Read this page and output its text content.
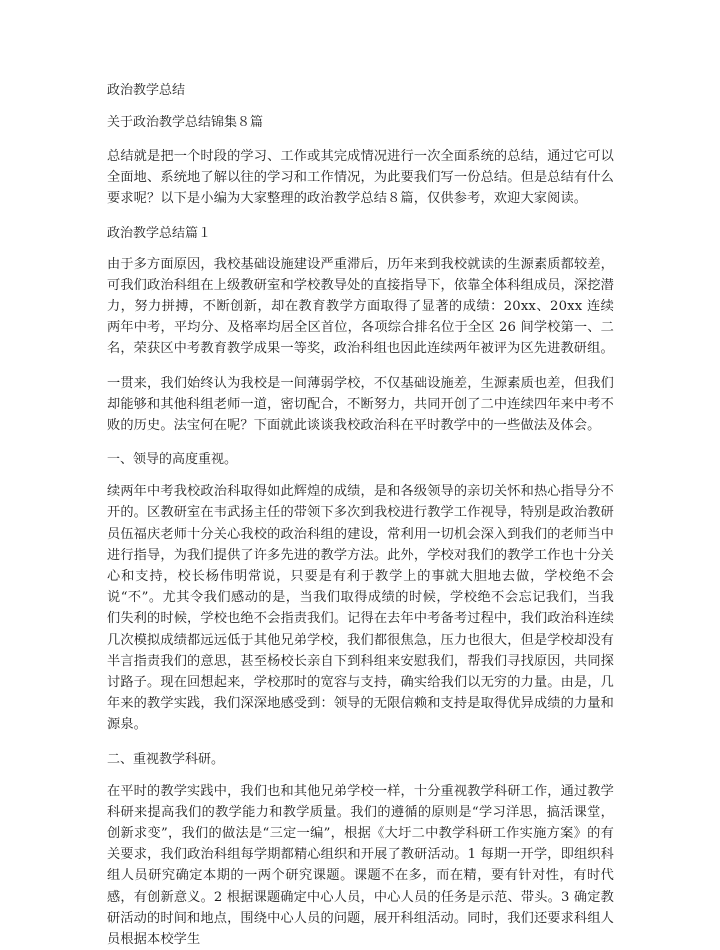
政治教学总结

关于政治教学总结锦集８篇

总结就是把一个时段的学习、工作或其完成情况进行一次全面系统的总结，通过它可以全面地、系统地了解以往的学习和工作情况，为此要我们写一份总结。但是总结有什么要求呢？以下是小编为大家整理的政治教学总结８篇，仅供参考，欢迎大家阅读。

政治教学总结篇１

由于多方面原因，我校基础设施建设严重滞后，历年来到我校就读的生源素质都较差，可我们政治科组在上级教研室和学校教导处的直接指导下，依靠全体科组成员，深挖潜力，努力拼搏，不断创新，却在教育教学方面取得了显著的成绩：20xx、20xx 连续两年中考，平均分、及格率均居全区首位，各项综合排名位于全区 26 间学校第一、二名，荣获区中考教育教学成果一等奖，政治科组也因此连续两年被评为区先进教研组。

一贯来，我们始终认为我校是一间薄弱学校，不仅基础设施差，生源素质也差，但我们却能够和其他科组老师一道，密切配合，不断努力，共同开创了二中连续四年来中考不败的历史。法宝何在呢？下面就此谈谈我校政治科在平时教学中的一些做法及体会。

一、领导的高度重视。

续两年中考我校政治科取得如此辉煌的成绩，是和各级领导的亲切关怀和热心指导分不开的。区教研室在韦武扬主任的带领下多次到我校进行教学工作视导，特别是政治教研员伍福庆老师十分关心我校的政治科组的建设，常利用一切机会深入到我们的老师当中进行指导，为我们提供了许多先进的教学方法。此外，学校对我们的教学工作也十分关心和支持，校长杨伟明常说，只要是有利于教学上的事就大胆地去做，学校绝不会说“不”。尤其令我们感动的是，当我们取得成绩的时候，学校绝不会忘记我们，当我们失利的时候，学校也绝不会指责我们。记得在去年中考备考过程中，我们政治科连续几次模拟成绩都远远低于其他兄弟学校，我们都很焦急，压力也很大，但是学校却没有半言指责我们的意思，甚至杨校长亲自下到科组来安慰我们，帮我们寻找原因，共同探讨路子。现在回想起来，学校那时的宽容与支持，确实给我们以无穷的力量。由是，几年来的教学实践，我们深深地感受到：领导的无限信赖和支持是取得优异成绩的力量和源泉。

二、重视教学科研。

在平时的教学实践中，我们也和其他兄弟学校一样，十分重视教学科研工作，通过教学科研来提高我们的教学能力和教学质量。我们的遵循的原则是“学习洋思，搞活课堂，创新求变”，我们的做法是“三定一编”，根据《大圩二中教学科研工作实施方案》的有关要求，我们政治科组每学期都精心组织和开展了教研活动。1 每期一开学，即组织科组人员研究确定本期的一两个研究课题。课题不在多，而在精，要有针对性，有时代感，有创新意义。2 根据课题确定中心人员，中心人员的任务是示范、带头。3 确定教研活动的时间和地点，围绕中心人员的问题，展开科组活动。同时，我们还要求科组人员根据本校学生
